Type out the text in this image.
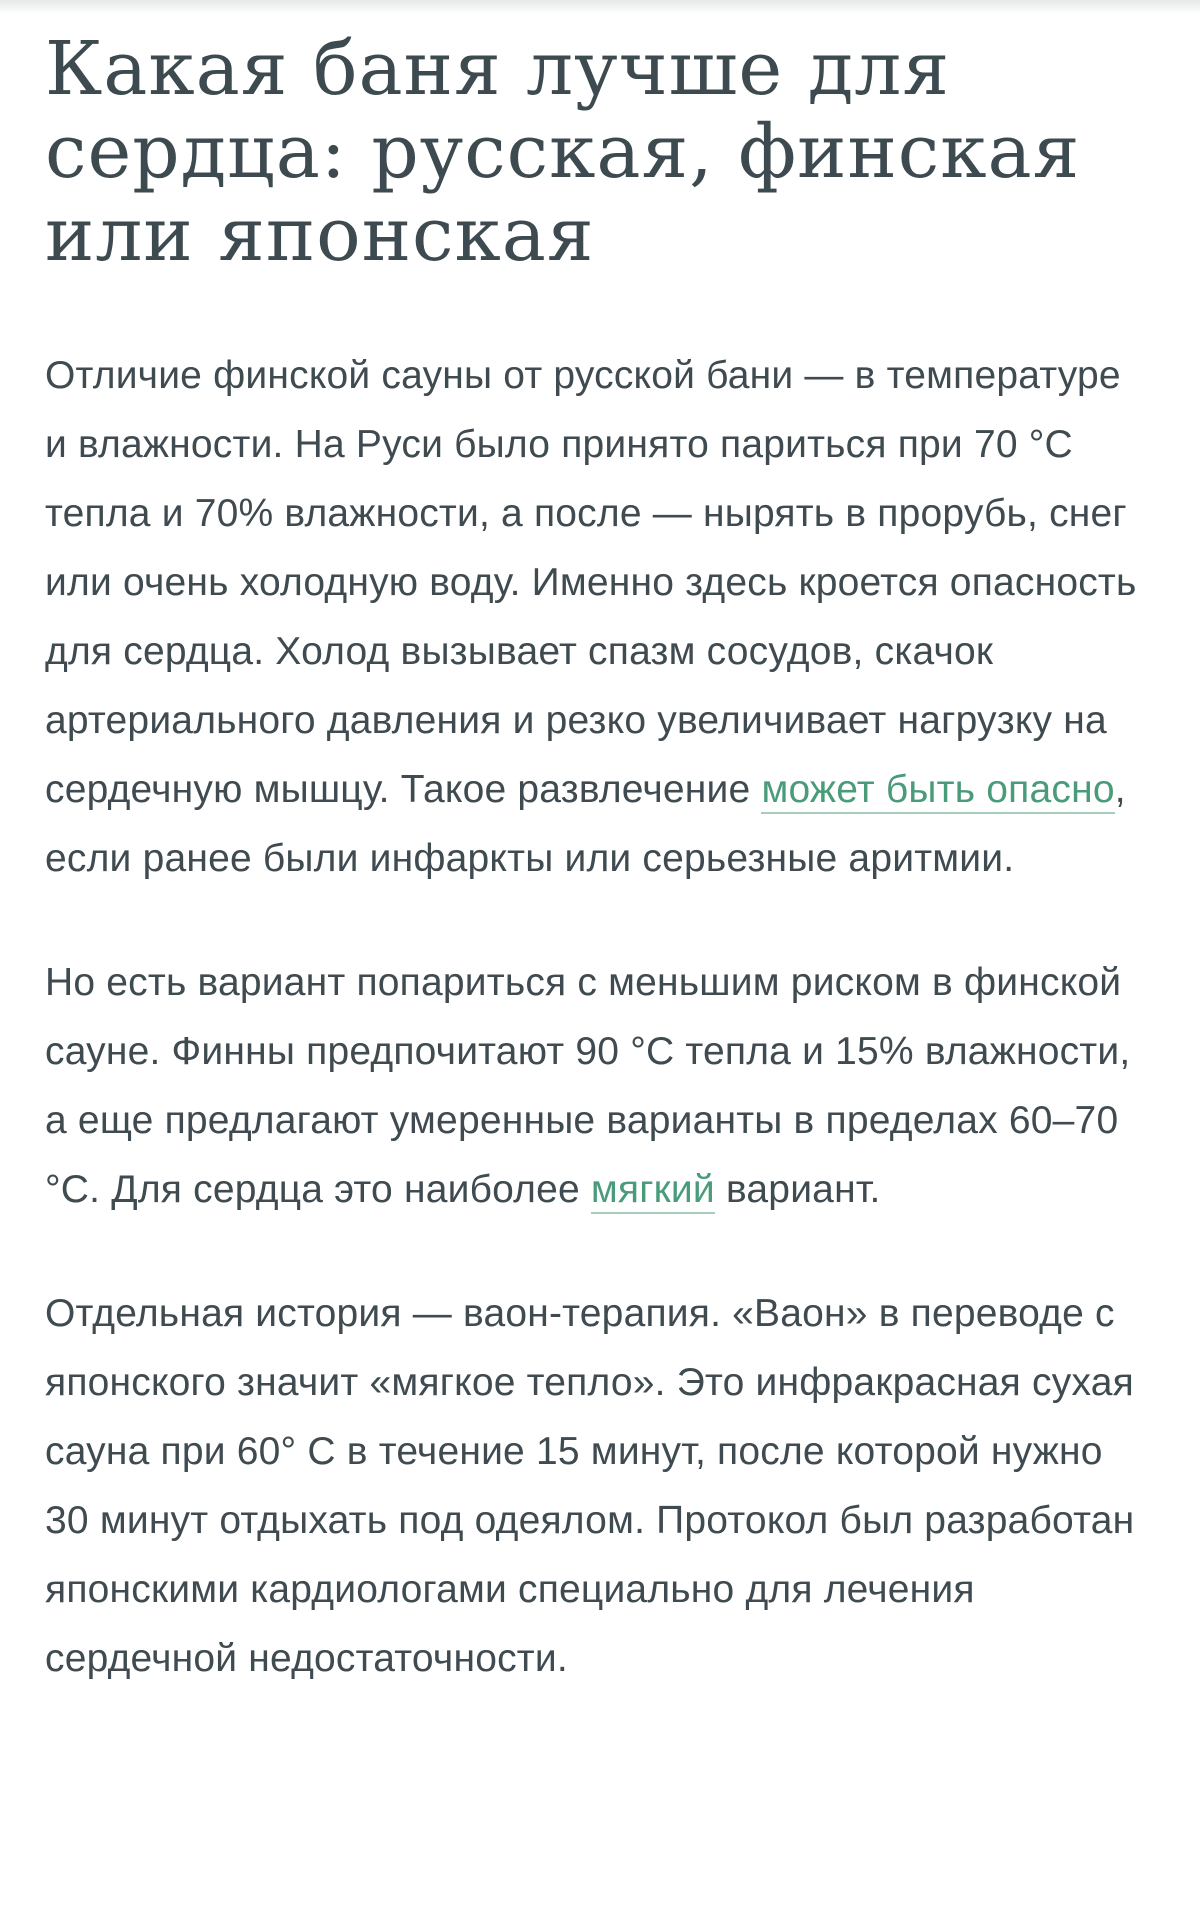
Какая баня лучше для сердца: русская, финская или японская

Отличие финской сауны от русской бани — в температуре и влажности. На Руси было принято париться при 70 °С тепла и 70% влажности, а после — нырять в прорубь, снег или очень холодную воду. Именно здесь кроется опасность для сердца. Холод вызывает спазм сосудов, скачок артериального давления и резко увеличивает нагрузку на сердечную мышцу. Такое развлечение может быть опасно, если ранее были инфаркты или серьезные аритмии.

Но есть вариант попариться с меньшим риском в финской сауне. Финны предпочитают 90 °С тепла и 15% влажности, а еще предлагают умеренные варианты в пределах 60–70 °С. Для сердца это наиболее мягкий вариант.

Отдельная история — ваон-терапия. «Ваон» в переводе с японского значит «мягкое тепло». Это инфракрасная сухая сауна при 60° С в течение 15 минут, после которой нужно 30 минут отдыхать под одеялом. Протокол был разработан японскими кардиологами специально для лечения сердечной недостаточности.
